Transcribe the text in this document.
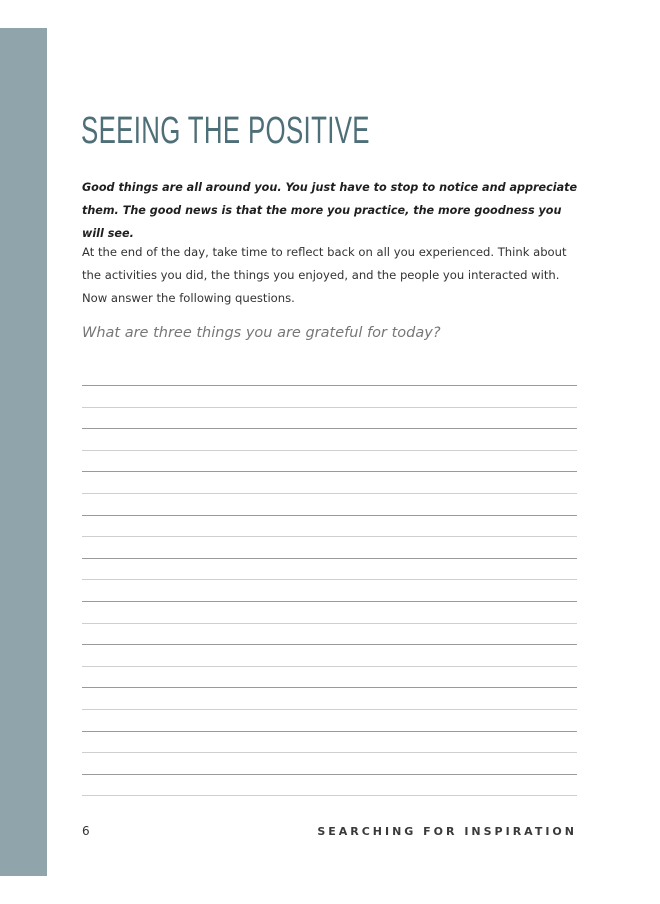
SEEING THE POSITIVE

Good things are all around you. You just have to stop to notice and appreciate them. The good news is that the more you practice, the more goodness you will see.

At the end of the day, take time to reflect back on all you experienced. Think about the activities you did, the things you enjoyed, and the people you interacted with. Now answer the following questions.

What are three things you are grateful for today?

6	SEARCHING FOR INSPIRATION
